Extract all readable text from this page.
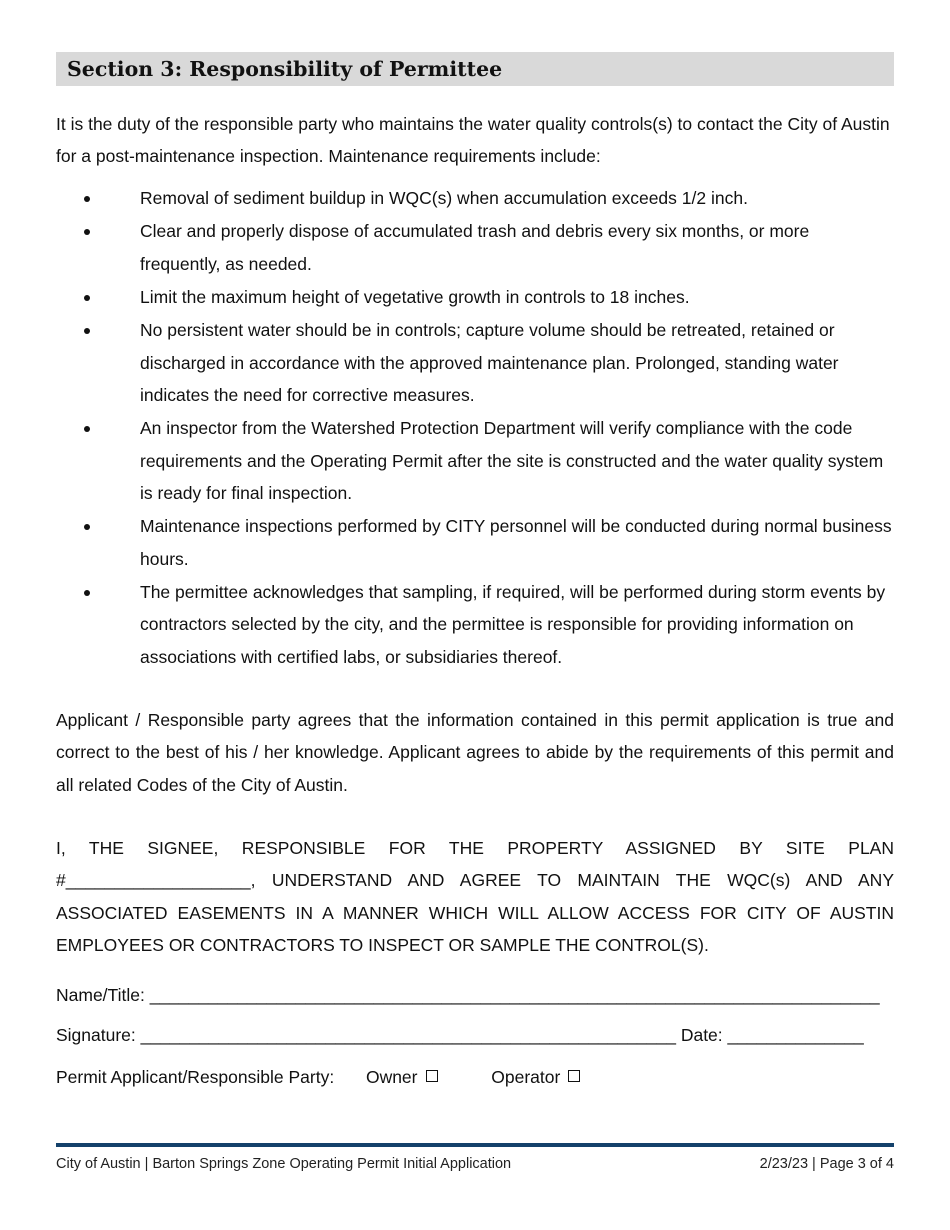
Section 3: Responsibility of Permittee

It is the duty of the responsible party who maintains the water quality controls(s) to contact the City of Austin for a post-maintenance inspection. Maintenance requirements include:

Removal of sediment buildup in WQC(s) when accumulation exceeds 1/2 inch.
Clear and properly dispose of accumulated trash and debris every six months, or more frequently, as needed.
Limit the maximum height of vegetative growth in controls to 18 inches.
No persistent water should be in controls; capture volume should be retreated, retained or discharged in accordance with the approved maintenance plan. Prolonged, standing water indicates the need for corrective measures.
An inspector from the Watershed Protection Department will verify compliance with the code requirements and the Operating Permit after the site is constructed and the water quality system is ready for final inspection.
Maintenance inspections performed by CITY personnel will be conducted during normal business hours.
The permittee acknowledges that sampling, if required, will be performed during storm events by contractors selected by the city, and the permittee is responsible for providing information on associations with certified labs, or subsidiaries thereof.

Applicant / Responsible party agrees that the information contained in this permit application is true and correct to the best of his / her knowledge. Applicant agrees to abide by the requirements of this permit and all related Codes of the City of Austin.

I, THE SIGNEE, RESPONSIBLE FOR THE PROPERTY ASSIGNED BY SITE PLAN
#___________________, UNDERSTAND AND AGREE TO MAINTAIN THE WQC(s) AND ANY
ASSOCIATED EASEMENTS IN A MANNER WHICH WILL ALLOW ACCESS FOR CITY OF AUSTIN
EMPLOYEES OR CONTRACTORS TO INSPECT OR SAMPLE THE CONTROL(S).
Name/Title: ___________________________________________________________________________
Signature: _______________________________________________________ Date: ______________
Permit Applicant/Responsible Party: Owner	Operator
City of Austin | Barton Springs Zone Operating Permit Initial Application	2/23/23 | Page 3 of 4
